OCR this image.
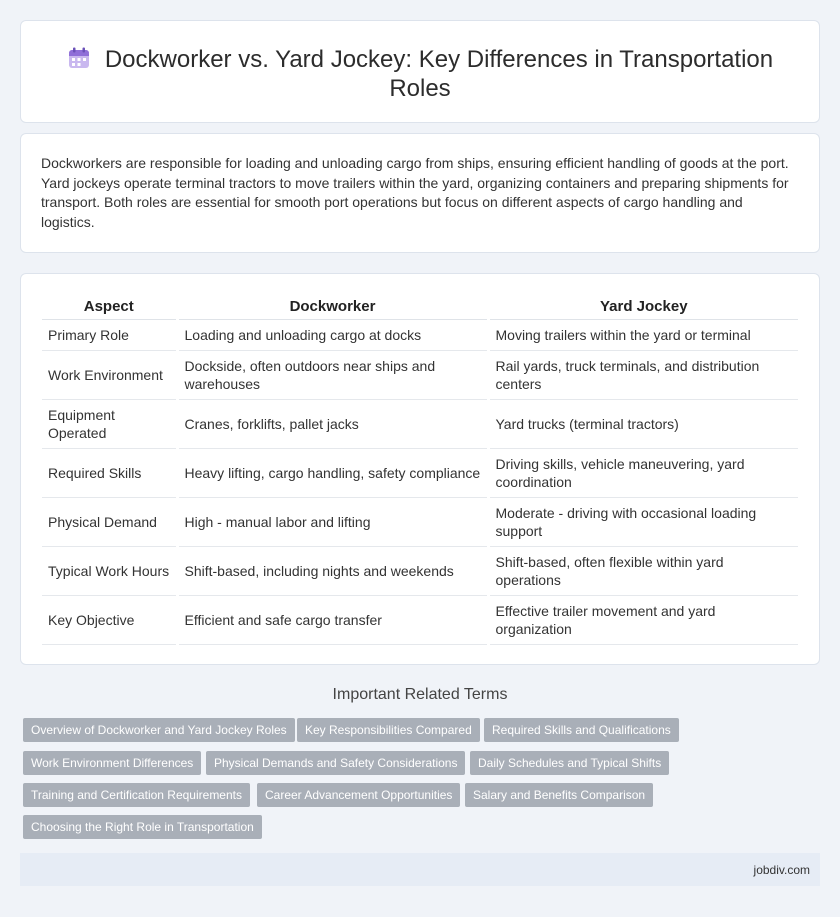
Dockworker vs. Yard Jockey: Key Differences in Transportation Roles

Dockworkers are responsible for loading and unloading cargo from ships, ensuring efficient handling of goods at the port. Yard jockeys operate terminal tractors to move trailers within the yard, organizing containers and preparing shipments for transport. Both roles are essential for smooth port operations but focus on different aspects of cargo handling and logistics.

Aspect	Dockworker	Yard Jockey
Primary Role	Loading and unloading cargo at docks	Moving trailers within the yard or terminal
Work Environment	Dockside, often outdoors near ships and warehouses	Rail yards, truck terminals, and distribution centers
Equipment Operated	Cranes, forklifts, pallet jacks	Yard trucks (terminal tractors)
Required Skills	Heavy lifting, cargo handling, safety compliance	Driving skills, vehicle maneuvering, yard coordination
Physical Demand	High - manual labor and lifting	Moderate - driving with occasional loading support
Typical Work Hours	Shift-based, including nights and weekends	Shift-based, often flexible within yard operations
Key Objective	Efficient and safe cargo transfer	Effective trailer movement and yard organization
Important Related Terms
Overview of Dockworker and Yard Jockey Roles	Key Responsibilities Compared	Required Skills and Qualifications
Work Environment Differences	Physical Demands and Safety Considerations	Daily Schedules and Typical Shifts
Training and Certification Requirements	Career Advancement Opportunities	Salary and Benefits Comparison
Choosing the Right Role in Transportation
jobdiv.com
